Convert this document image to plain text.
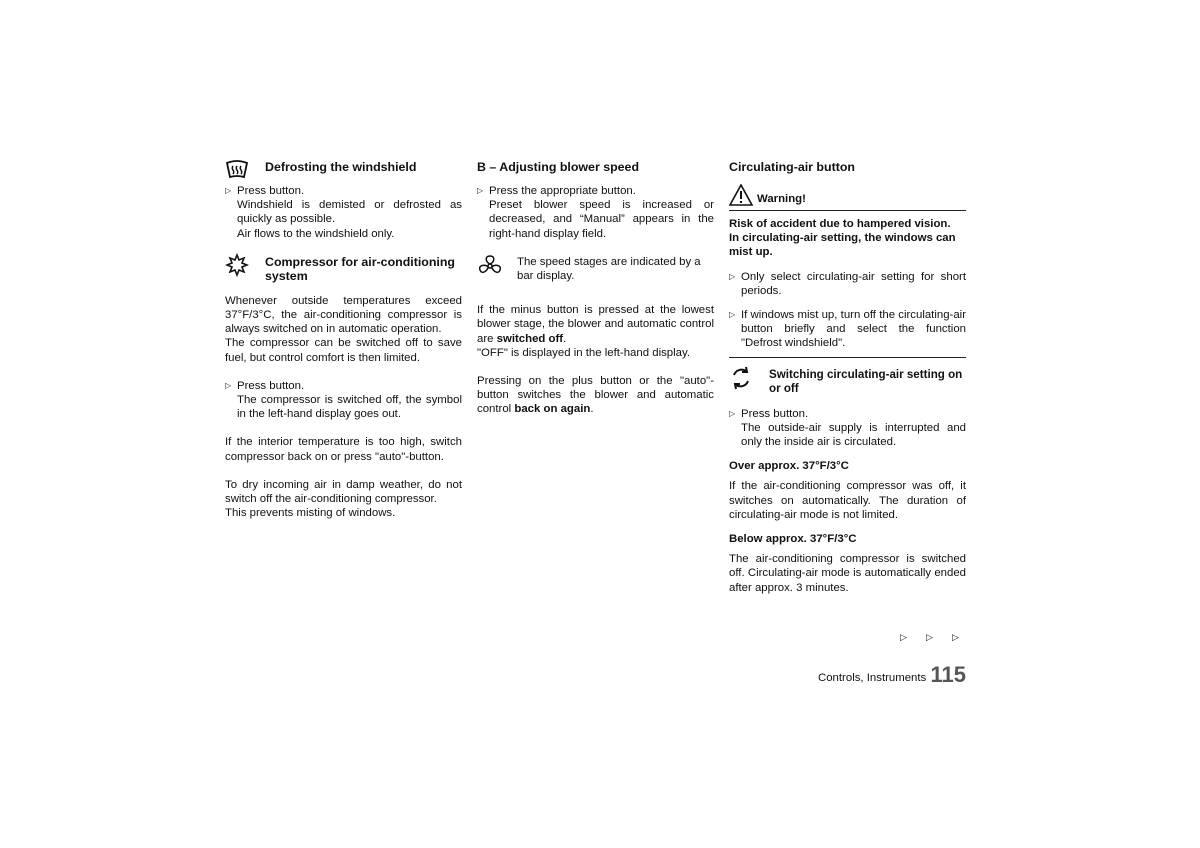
Defrosting the windshield
▷ Press button.
Windshield is demisted or defrosted as quickly as possible.
Air flows to the windshield only.
Compressor for air-conditioning system

Whenever outside temperatures exceed 37°F/3°C, the air-conditioning compressor is always switched on in automatic operation.

The compressor can be switched off to save fuel, but control comfort is then limited.

▷ Press button.
The compressor is switched off, the symbol in the left-hand display goes out.

If the interior temperature is too high, switch compressor back on or press "auto"-button.

To dry incoming air in damp weather, do not switch off the air-conditioning compressor.

This prevents misting of windows.

B – Adjusting blower speed
▷ Press the appropriate button.
Preset blower speed is increased or decreased, and “Manual” appears in the right-hand display field.
The speed stages are indicated by a bar display.

If the minus button is pressed at the lowest blower stage, the blower and automatic control are switched off.

"OFF" is displayed in the left-hand display.

Pressing on the plus button or the "auto"-button switches the blower and automatic control back on again.

Circulating-air button
Warning!
Risk of accident due to hampered vision.
In circulating-air setting, the windows can mist up.
▷ Only select circulating-air setting for short periods.
▷ If windows mist up, turn off the circulating-air button briefly and select the function "Defrost windshield".
Switching circulating-air setting on or off
▷ Press button.
The outside-air supply is interrupted and only the inside air is circulated.
Over approx. 37°F/3°C

If the air-conditioning compressor was off, it switches on automatically. The duration of circulating-air mode is not limited.

Below approx. 37°F/3°C

The air-conditioning compressor is switched off. Circulating-air mode is automatically ended after approx. 3 minutes.

▷ ▷ ▷
Controls, Instruments 115
